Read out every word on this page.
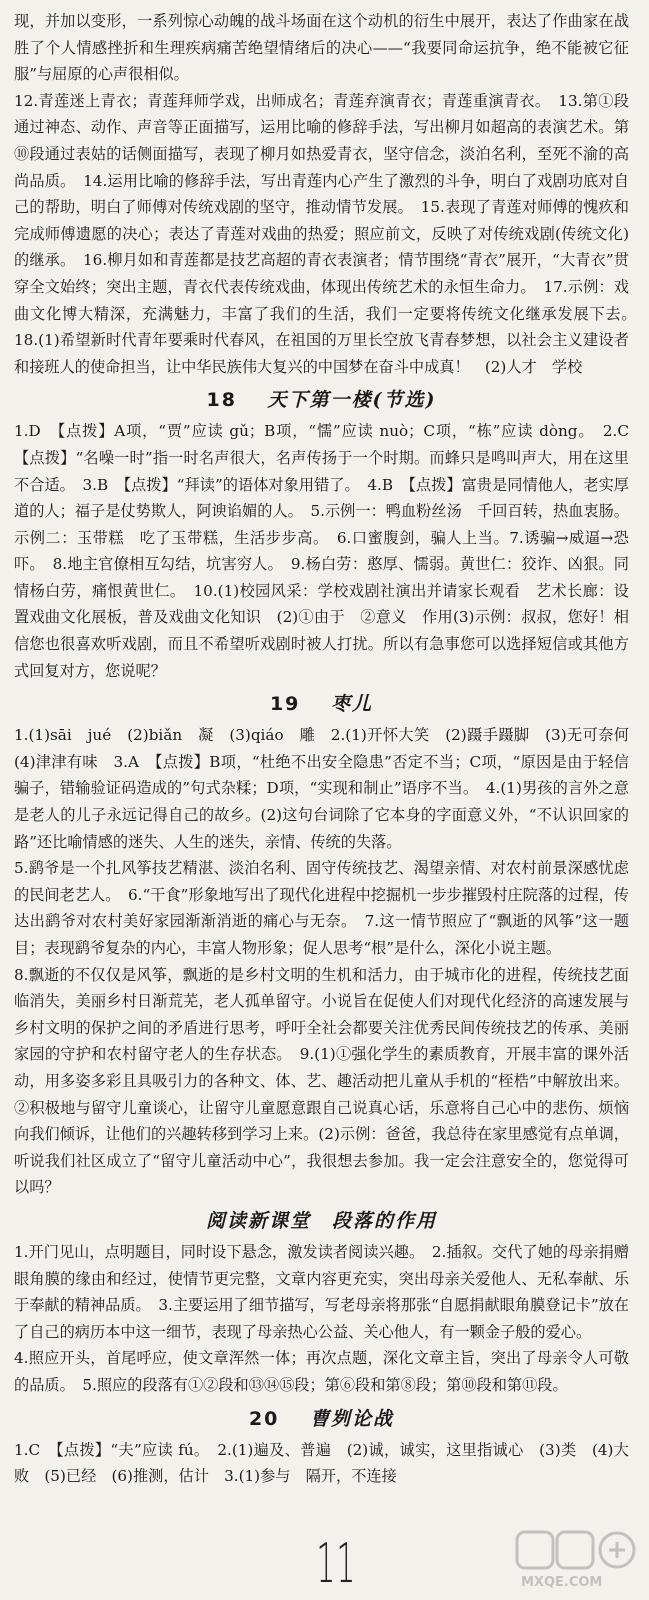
现，并加以变形，一系列惊心动魄的战斗场面在这个动机的衍生中展开，表达了作曲家在战胜了个人情感挫折和生理疾病痛苦绝望情绪后的决心——“我要同命运抗争，绝不能被它征服”与屈原的心声很相似。

12.青莲迷上青衣；青莲拜师学戏，出师成名；青莲弃演青衣；青莲重演青衣。　13.第①段通过神态、动作、声音等正面描写，运用比喻的修辞手法，写出柳月如超高的表演艺术。第⑩段通过表姑的话侧面描写，表现了柳月如热爱青衣，坚守信念，淡泊名利，至死不渝的高尚品质。　14.运用比喻的修辞手法，写出青莲内心产生了激烈的斗争，明白了戏剧功底对自己的帮助，明白了师傅对传统戏剧的坚守，推动情节发展。　15.表现了青莲对师傅的愧疚和完成师傅遗愿的决心；表达了青莲对戏曲的热爱；照应前文，反映了对传统戏剧(传统文化)的继承。　16.柳月如和青莲都是技艺高超的青衣表演者；情节围绕“青衣”展开，“大青衣”贯穿全文始终；突出主题，青衣代表传统戏曲，体现出传统艺术的永恒生命力。　17.示例：戏曲文化博大精深，充满魅力，丰富了我们的生活，我们一定要将传统文化继承发展下去。　18.(1)希望新时代青年要乘时代春风，在祖国的万里长空放飞青春梦想，以社会主义建设者和接班人的使命担当，让中华民族伟大复兴的中国梦在奋斗中成真！　(2)人才　学校

18 天下第一楼(节选)

1.D　【点拨】A项，“贾”应读 gǔ；B项，“懦”应读 nuò；C项，“栋”应读 dòng。　2.C　【点拨】“名噪一时”指一时名声很大，名声传扬于一个时期。而蜂只是鸣叫声大，用在这里不合适。　3.B　【点拨】“拜读”的语体对象用错了。　4.B　【点拨】富贵是同情他人，老实厚道的人；福子是仗势欺人，阿谀谄媚的人。　5.示例一：鸭血粉丝汤　千回百转，热血衷肠。示例二：玉带糕　吃了玉带糕，生活步步高。　6.口蜜腹剑，骗人上当。7.诱骗→威逼→恐吓。　8.地主官僚相互勾结，坑害穷人。　9.杨白劳：憨厚、懦弱。黄世仁：狡诈、凶狠。同情杨白劳，痛恨黄世仁。　10.(1)校园风采：学校戏剧社演出并请家长观看　艺术长廊：设置戏曲文化展板，普及戏曲文化知识　(2)①由于　②意义　作用(3)示例：叔叔，您好！相信您也很喜欢听戏剧，而且不希望听戏剧时被人打扰。所以有急事您可以选择短信或其他方式回复对方，您说呢？

19 枣儿

1.(1)sāi　jué　(2)biǎn　凝　(3)qiáo　雕　2.(1)开怀大笑　(2)蹑手蹑脚　(3)无可奈何　(4)津津有味　3.A　【点拨】B项，“杜绝不出安全隐患”否定不当；C项，“原因是由于轻信骗子，错输验证码造成的”句式杂糅；D项，“实现和制止”语序不当。　4.(1)男孩的言外之意是老人的儿子永远记得自己的故乡。(2)这句台词除了它本身的字面意义外，“不认识回家的路”还比喻情感的迷失、人生的迷失，亲情、传统的失落。

5.鹞爷是一个扎风筝技艺精湛、淡泊名利、固守传统技艺、渴望亲情、对农村前景深感忧虑的民间老艺人。　6.“干食”形象地写出了现代化进程中挖掘机一步步摧毁村庄院落的过程，传达出鹞爷对农村美好家园渐渐消逝的痛心与无奈。　7.这一情节照应了“飘逝的风筝”这一题目；表现鹞爷复杂的内心，丰富人物形象；促人思考“根”是什么，深化小说主题。

8.飘逝的不仅仅是风筝，飘逝的是乡村文明的生机和活力，由于城市化的进程，传统技艺面临消失，美丽乡村日渐荒芜，老人孤单留守。小说旨在促使人们对现代化经济的高速发展与乡村文明的保护之间的矛盾进行思考，呼吁全社会都要关注优秀民间传统技艺的传承、美丽家园的守护和农村留守老人的生存状态。　9.(1)①强化学生的素质教育，开展丰富的课外活动，用多姿多彩且具吸引力的各种文、体、艺、趣活动把儿童从手机的“桎梏”中解放出来。②积极地与留守儿童谈心，让留守儿童愿意跟自己说真心话，乐意将自己心中的悲伤、烦恼向我们倾诉，让他们的兴趣转移到学习上来。(2)示例：爸爸，我总待在家里感觉有点单调，听说我们社区成立了“留守儿童活动中心”，我很想去参加。我一定会注意安全的，您觉得可以吗？

阅读新课堂　段落的作用

1.开门见山，点明题目，同时设下悬念，激发读者阅读兴趣。　2.插叙。交代了她的母亲捐赠眼角膜的缘由和经过，使情节更完整，文章内容更充实，突出母亲关爱他人、无私奉献、乐于奉献的精神品质。　3.主要运用了细节描写，写老母亲将那张“自愿捐献眼角膜登记卡”放在了自己的病历本中这一细节，表现了母亲热心公益、关心他人，有一颗金子般的爱心。

4.照应开头，首尾呼应，使文章浑然一体；再次点题，深化文章主旨，突出了母亲令人可敬的品质。　5.照应的段落有①②段和⑬⑭⑮段；第⑥段和第⑧段；第⑩段和第⑪段。

20 曹刿论战

1.C　【点拨】“夫”应读 fú。　2.(1)遍及、普遍　(2)诚，诚实，这里指诚心　(3)类　(4)大败　(5)已经　(6)推测，估计　3.(1)参与　隔开，不连接

11	MXQE.COM
